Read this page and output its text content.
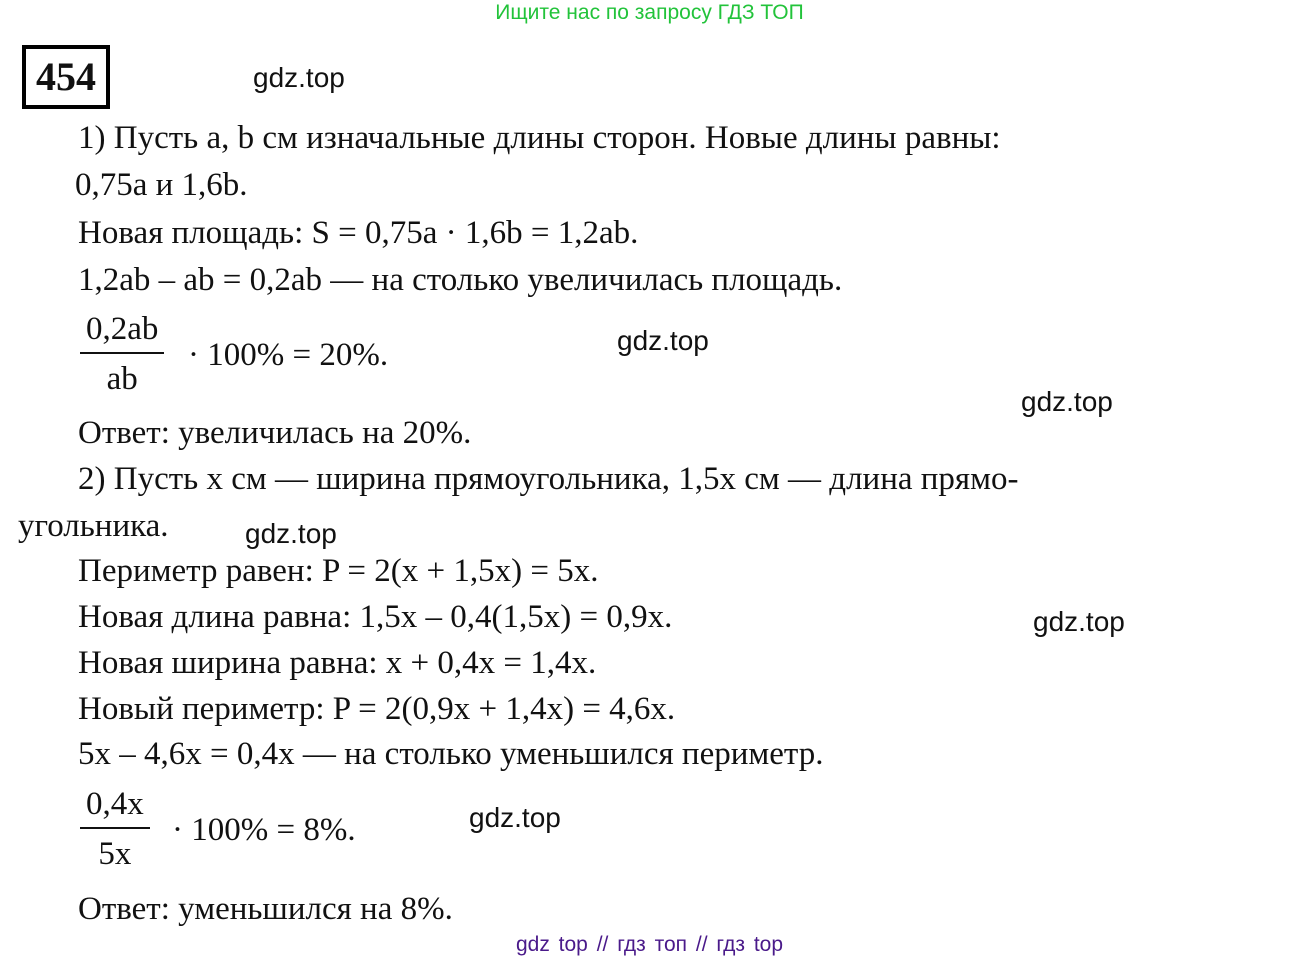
Ищите нас по запросу ГДЗ ТОП
454	gdz.top
gdz.top
gdz.top
gdz.top
gdz.top
gdz.top
1) Пусть a, b см изначальные длины сторон. Новые длины равны:
0,75a и 1,6b.
Новая площадь: S = 0,75a · 1,6b = 1,2ab.
1,2ab – ab = 0,2ab — на столько увеличилась площадь.
$\frac{0,2ab}{ab} \cdot 100\% = 20\%$.
Ответ: увеличилась на 20%.
2) Пусть x см — ширина прямоугольника, 1,5x см — длина прямо-
угольника.
Периметр равен: P = 2(x + 1,5x) = 5x.
Новая длина равна: 1,5x – 0,4(1,5x) = 0,9x.
Новая ширина равна: x + 0,4x = 1,4x.
Новый периметр: P = 2(0,9x + 1,4x) = 4,6x.
5x – 4,6x = 0,4x — на столько уменьшился периметр.
$\frac{0,4x}{5x} \cdot 100\% = 8\%$.
Ответ: уменьшился на 8%.
gdz top // гдз топ // гдз top
